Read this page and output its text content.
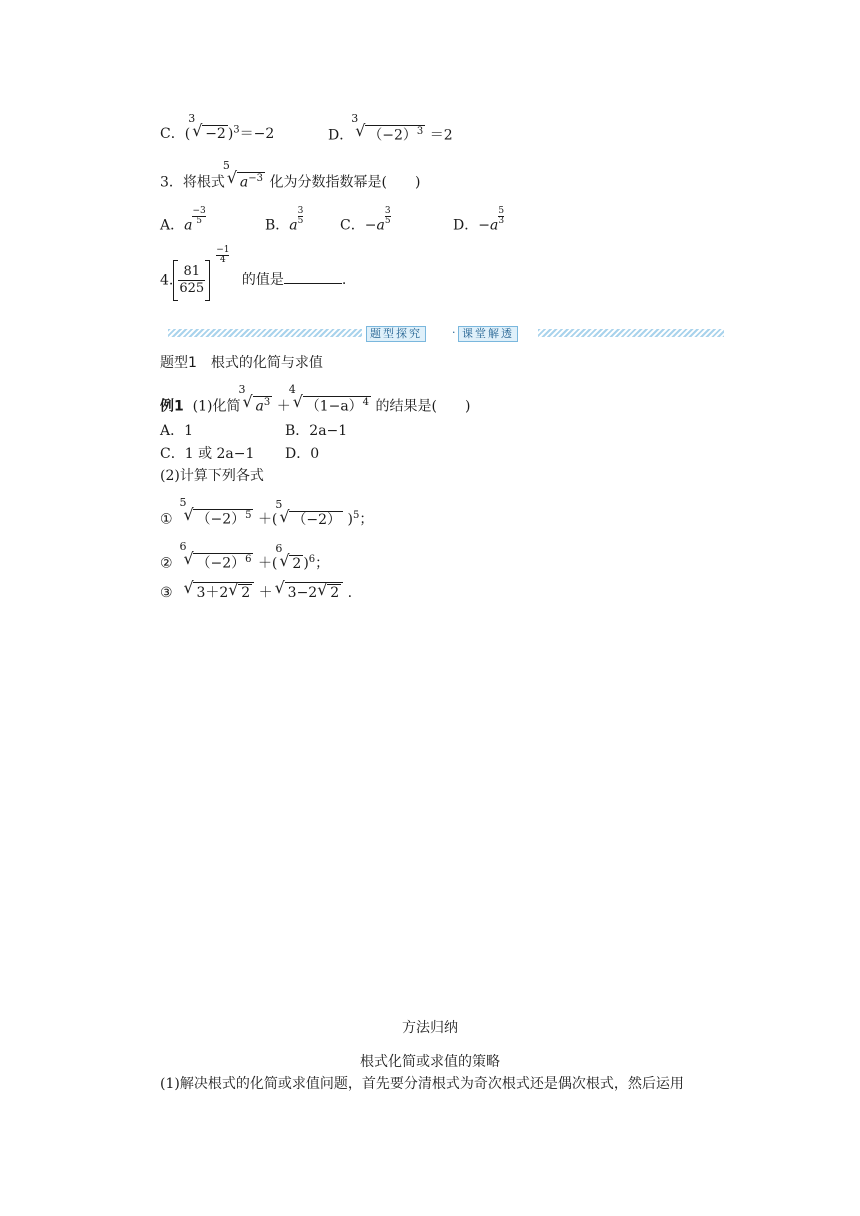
C．(
3
√ −2 )$^3$＝−2	D．
3
√ $(-2)^3 =2$
3．将根式
5
√ $a^{-3}$ 化为分数指数幂是(　　)
A．a $\frac{-3}{5}$	B．a $\frac{3}{5}$	C．$-a \frac{3}{5}$	D．$-a \frac{5}{3}$
4. $\frac{81}{625}$
$\frac{-1}{4}$
的值是	.
题型探究	· 课堂解透
题型1　根式的化简与求值
例1 (1)化简
3
√ $a^3$ ＋
4
√ $(1-a)^4$ 的结果是(　　)
A．1	B．2a−1
C．1 或 2a−1 D．0
(2)计算下列各式
①
5
√ $(-2)^5$ ＋(
5
√ （−2） )$^5$；
②
6
√ $(-2)^6$ ＋(
6
√ 2 )$^6$；
③ √ 3＋2 √ 2 ＋ √ 3−2 √ 2 .
方法归纳
根式化简或求值的策略
(1)解决根式的化简或求值问题，首先要分清根式为奇次根式还是偶次根式，然后运用
